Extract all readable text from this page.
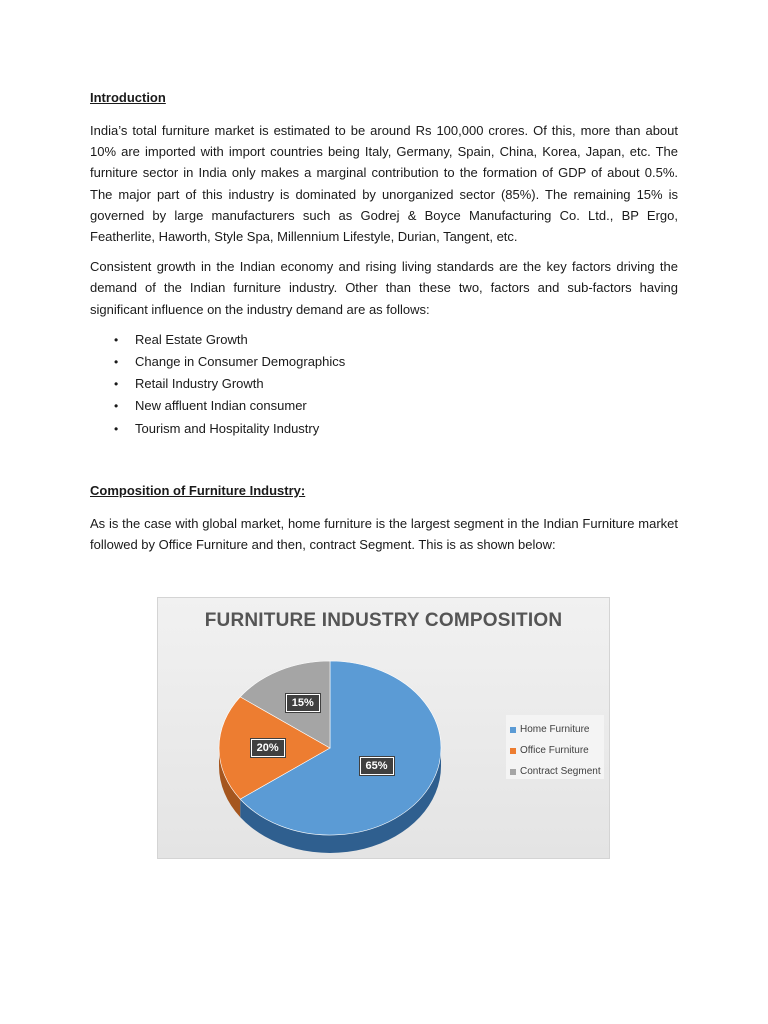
Introduction

India’s total furniture market is estimated to be around Rs 100,000 crores. Of this, more than about 10% are imported with import countries being Italy, Germany, Spain, China, Korea, Japan, etc. The furniture sector in India only makes a marginal contribution to the formation of GDP of about 0.5%. The major part of this industry is dominated by unorganized sector (85%). The remaining 15% is governed by large manufacturers such as Godrej & Boyce Manufacturing Co. Ltd., BP Ergo, Featherlite, Haworth, Style Spa, Millennium Lifestyle, Durian, Tangent, etc.

Consistent growth in the Indian economy and rising living standards are the key factors driving the demand of the Indian furniture industry. Other than these two, factors and sub-factors having significant influence on the industry demand are as follows:

• Real Estate Growth
• Change in Consumer Demographics
• Retail Industry Growth
• New affluent Indian consumer
• Tourism and Hospitality Industry
Composition of Furniture Industry:

As is the case with global market, home furniture is the largest segment in the Indian Furniture market followed by Office Furniture and then, contract Segment. This is as shown below:

FURNITURE INDUSTRY COMPOSITION
65%
20%
15%
Home Furniture
Office Furniture
Contract Segment
